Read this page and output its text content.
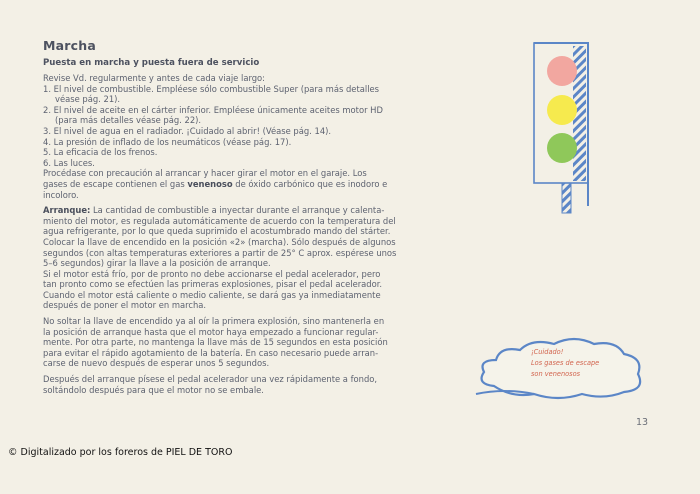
Marcha
Puesta en marcha y puesta fuera de servicio

Revise Vd. regularmente y antes de cada viaje largo:

1. El nivel de combustible. Empléese sólo combustible Super (para más detalles

véase pág. 21).

2. El nivel de aceite en el cárter inferior. Empléese únicamente aceites motor HD

(para más detalles véase pág. 22).

3. El nivel de agua en el radiador. ¡Cuidado al abrir! (Véase pág. 14).

4. La presión de inflado de los neumáticos (véase pág. 17).

5. La eficacia de los frenos.

6. Las luces.

Procédase con precaución al arrancar y hacer girar el motor en el garaje. Los

gases de escape contienen el gas venenoso de óxido carbónico que es inodoro e

incoloro.

Arranque: La cantidad de combustible a inyectar durante el arranque y calenta-

miento del motor, es regulada automáticamente de acuerdo con la temperatura del

agua refrigerante, por lo que queda suprimido el acostumbrado mando del stárter.

Colocar la llave de encendido en la posición «2» (marcha). Sólo después de algunos

segundos (con altas temperaturas exteriores a partir de 25° C aprox. espérese unos

5–6 segundos) girar la llave a la posición de arranque.

Si el motor está frío, por de pronto no debe accionarse el pedal acelerador, pero

tan pronto como se efectúen las primeras explosiones, pisar el pedal acelerador.

Cuando el motor está caliente o medio caliente, se dará gas ya inmediatamente

después de poner el motor en marcha.

No soltar la llave de encendido ya al oír la primera explosión, sino mantenerla en

la posición de arranque hasta que el motor haya empezado a funcionar regular-

mente. Por otra parte, no mantenga la llave más de 15 segundos en esta posición

para evitar el rápido agotamiento de la batería. En caso necesario puede arran-

carse de nuevo después de esperar unos 5 segundos.

Después del arranque písese el pedal acelerador una vez rápidamente a fondo,

soltándolo después para que el motor no se embale.

¡Cuidado!
Los gases de escape
son venenosos
13
© Digitalizado por los foreros de PIEL DE TORO
